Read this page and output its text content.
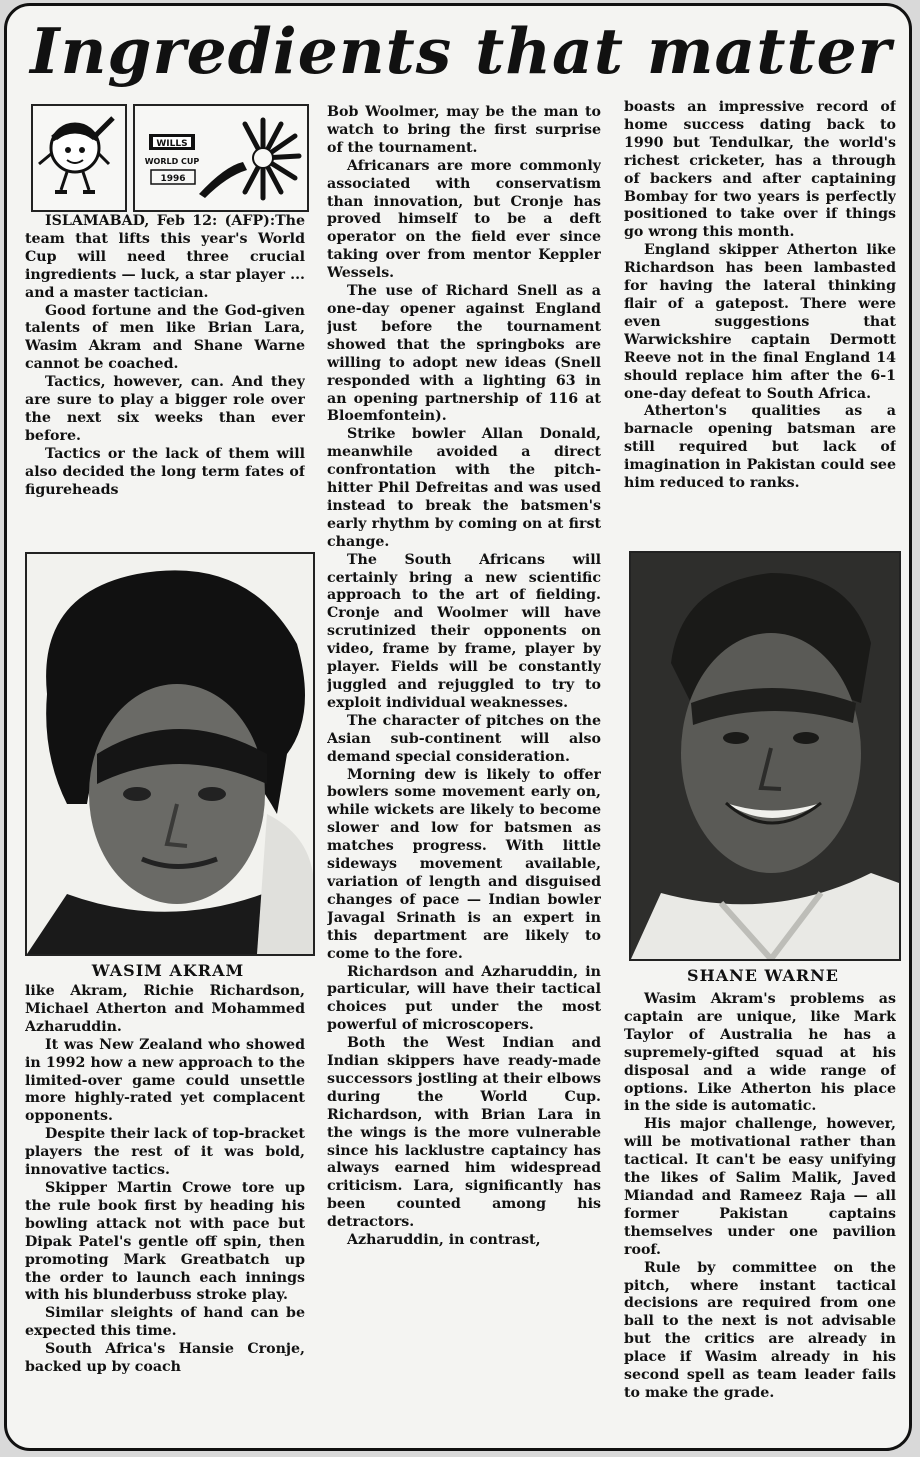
Ingredients that matter
WILLS
WORLD CUP
1996

ISLAMABAD, Feb 12: (AFP):The team that lifts this year's World Cup will need three crucial ingredients — luck, a star player ... and a master tactician.

Good fortune and the God-given talents of men like Brian Lara, Wasim Akram and Shane Warne cannot be coached.

Tactics, however, can. And they are sure to play a bigger role over the next six weeks than ever before.

Tactics or the lack of them will also decided the long term fates of figureheads

WASIM AKRAM

like Akram, Richie Richardson, Michael Atherton and Mohammed Azharuddin.

It was New Zealand who showed in 1992 how a new approach to the limited-over game could unsettle more highly-rated yet complacent opponents.

Despite their lack of top-bracket players the rest of it was bold, innovative tactics.

Skipper Martin Crowe tore up the rule book first by heading his bowling attack not with pace but Dipak Patel's gentle off spin, then promoting Mark Greatbatch up the order to launch each innings with his blunderbuss stroke play.

Similar sleights of hand can be expected this time.

South Africa's Hansie Cronje, backed up by coach

Bob Woolmer, may be the man to watch to bring the first surprise of the tournament.

Africanars are more commonly associated with conservatism than innovation, but Cronje has proved himself to be a deft operator on the field ever since taking over from mentor Keppler Wessels.

The use of Richard Snell as a one-day opener against England just before the tournament showed that the springboks are willing to adopt new ideas (Snell responded with a lighting 63 in an opening partnership of 116 at Bloemfontein).

Strike bowler Allan Donald, meanwhile avoided a direct confrontation with the pitch-hitter Phil Defreitas and was used instead to break the batsmen's early rhythm by coming on at first change.

The South Africans will certainly bring a new scientific approach to the art of fielding. Cronje and Woolmer will have scrutinized their opponents on video, frame by frame, player by player. Fields will be constantly juggled and rejuggled to try to exploit individual weaknesses.

The character of pitches on the Asian sub-continent will also demand special consideration.

Morning dew is likely to offer bowlers some movement early on, while wickets are likely to become slower and low for batsmen as matches progress. With little sideways movement available, variation of length and disguised changes of pace — Indian bowler Javagal Srinath is an expert in this department are likely to come to the fore.

Richardson and Azharuddin, in particular, will have their tactical choices put under the most powerful of microscopers.

Both the West Indian and Indian skippers have ready-made successors jostling at their elbows during the World Cup. Richardson, with Brian Lara in the wings is the more vulnerable since his lacklustre captaincy has always earned him widespread criticism. Lara, significantly has been counted among his detractors.

Azharuddin, in contrast,

boasts an impressive record of home success dating back to 1990 but Tendulkar, the world's richest cricketer, has a through of backers and after captaining Bombay for two years is perfectly positioned to take over if things go wrong this month.

England skipper Atherton like Richardson has been lambasted for having the lateral thinking flair of a gatepost. There were even suggestions that Warwickshire captain Dermott Reeve not in the final England 14 should replace him after the 6-1 one-day defeat to South Africa.

Atherton's qualities as a barnacle opening batsman are still required but lack of imagination in Pakistan could see him reduced to ranks.

SHANE WARNE

Wasim Akram's problems as captain are unique, like Mark Taylor of Australia he has a supremely-gifted squad at his disposal and a wide range of options. Like Atherton his place in the side is automatic.

His major challenge, however, will be motivational rather than tactical. It can't be easy unifying the likes of Salim Malik, Javed Miandad and Rameez Raja — all former Pakistan captains themselves under one pavilion roof.

Rule by committee on the pitch, where instant tactical decisions are required from one ball to the next is not advisable but the critics are already in place if Wasim already in his second spell as team leader fails to make the grade.
